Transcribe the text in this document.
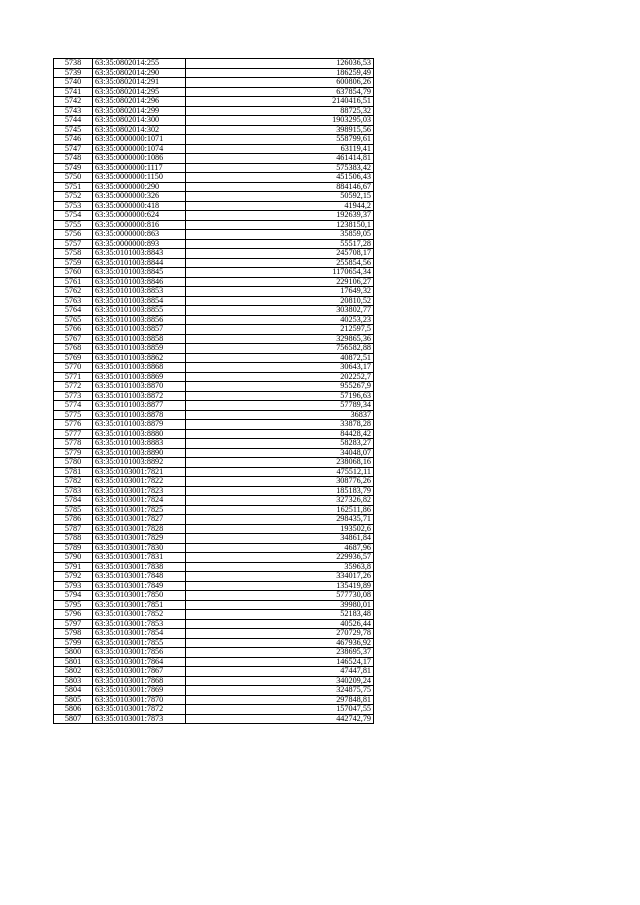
5738	63:35:0802014:255	126036,53
5739	63:35:0802014:290	186259,49
5740	63:35:0802014:291	600806,26
5741	63:35:0802014:295	637854,79
5742	63:35:0802014:296	2140416,51
5743	63:35:0802014:299	88725,32
5744	63:35:0802014:300	1903295,03
5745	63:35:0802014:302	398915,56
5746	63:35:0000000:1071	558799,61
5747	63:35:0000000:1074	63119,41
5748	63:35:0000000:1086	461414,81
5749	63:35:0000000:1117	575383,42
5750	63:35:0000000:1150	451506,43
5751	63:35:0000000:290	884146,67
5752	63:35:0000000:326	50592,15
5753	63:35:0000000:418	41944,2
5754	63:35:0000000:624	192639,37
5755	63:35:0000000:816	1238150,1
5756	63:35:0000000:863	35859,05
5757	63:35:0000000:893	55517,28
5758	63:35:0101003:8843	245708,17
5759	63:35:0101003:8844	255854,56
5760	63:35:0101003:8845	1170654,34
5761	63:35:0101003:8846	229106,27
5762	63:35:0101003:8853	17649,32
5763	63:35:0101003:8854	20810,52
5764	63:35:0101003:8855	303802,77
5765	63:35:0101003:8856	40253,23
5766	63:35:0101003:8857	212597,5
5767	63:35:0101003:8858	329865,36
5768	63:35:0101003:8859	756582,88
5769	63:35:0101003:8862	40872,51
5770	63:35:0101003:8868	30643,17
5771	63:35:0101003:8869	202252,7
5772	63:35:0101003:8870	955267,9
5773	63:35:0101003:8872	57196,63
5774	63:35:0101003:8877	57789,34
5775	63:35:0101003:8878	36837
5776	63:35:0101003:8879	33878,28
5777	63:35:0101003:8880	84428,42
5778	63:35:0101003:8883	58283,27
5779	63:35:0101003:8890	34048,07
5780	63:35:0101003:8892	238068,16
5781	63:35:0103001:7821	475512,11
5782	63:35:0103001:7822	308776,26
5783	63:35:0103001:7823	185183,79
5784	63:35:0103001:7824	327326,82
5785	63:35:0103001:7825	162511,86
5786	63:35:0103001:7827	298435,71
5787	63:35:0103001:7828	193502,6
5788	63:35:0103001:7829	34861,84
5789	63:35:0103001:7830	4687,96
5790	63:35:0103001:7831	229936,57
5791	63:35:0103001:7838	35963,8
5792	63:35:0103001:7848	334017,26
5793	63:35:0103001:7849	135419,89
5794	63:35:0103001:7850	577730,08
5795	63:35:0103001:7851	39980,01
5796	63:35:0103001:7852	52183,48
5797	63:35:0103001:7853	40526,44
5798	63:35:0103001:7854	270729,78
5799	63:35:0103001:7855	467936,92
5800	63:35:0103001:7856	238695,37
5801	63:35:0103001:7864	146524,17
5802	63:35:0103001:7867	47447,81
5803	63:35:0103001:7868	340209,24
5804	63:35:0103001:7869	324875,75
5805	63:35:0103001:7870	297848,81
5806	63:35:0103001:7872	157047,55
5807	63:35:0103001:7873	442742,79
